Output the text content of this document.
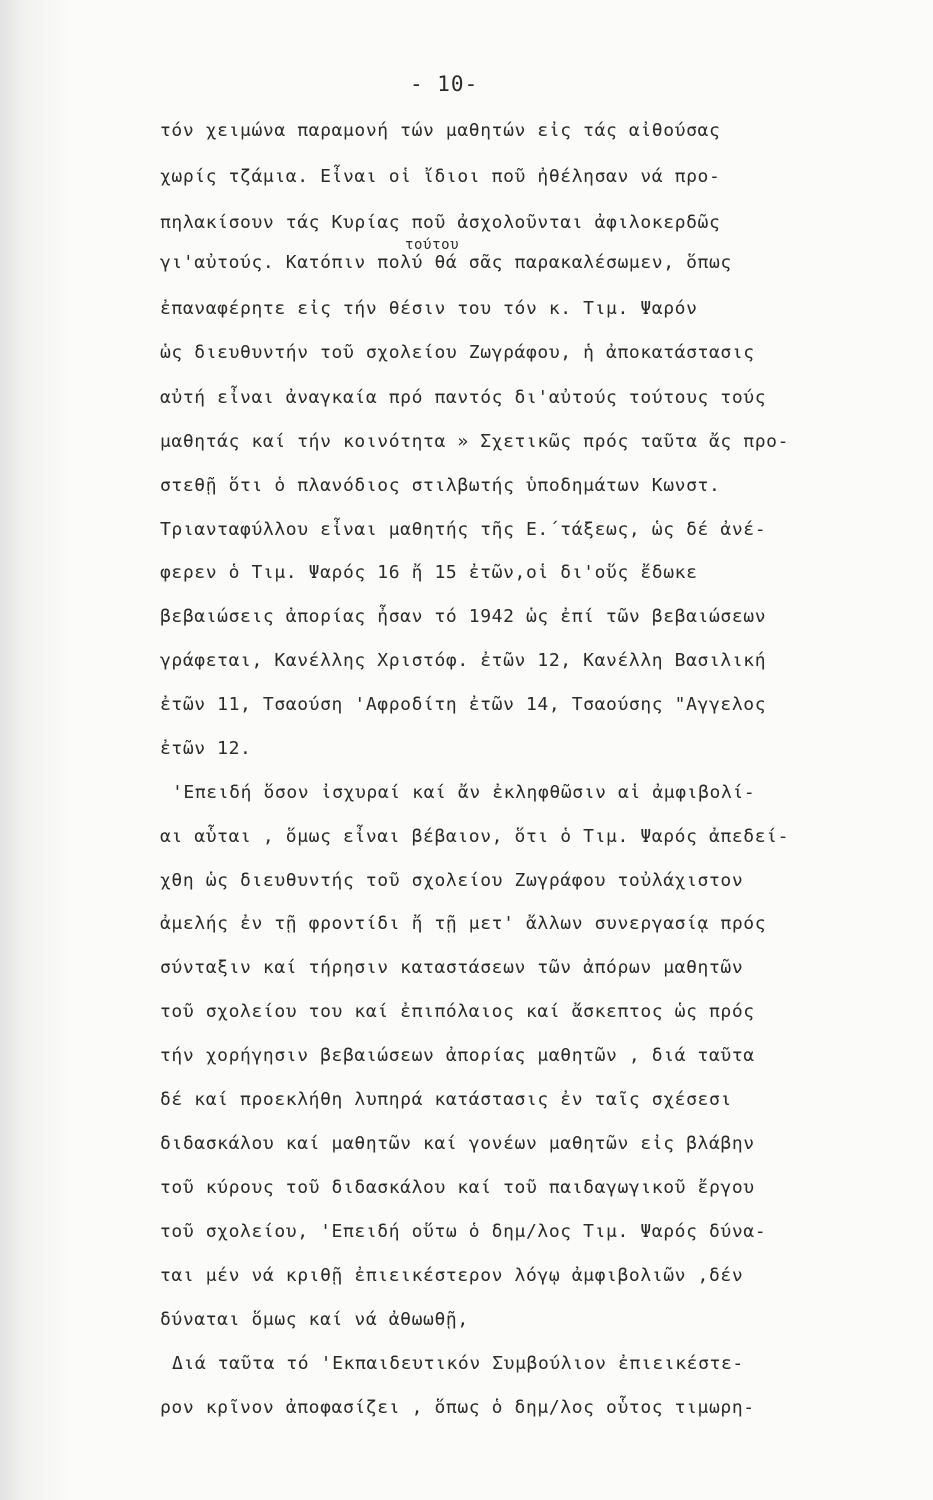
- 10-
τόν χειμώνα παραμονή τών μαθητών εἰς τάς αἰθούσας
χωρίς τζάμια. Εἶναι οἱ ἴδιοι ποῦ ἠθέλησαν νά προ-
πηλακίσουν τάς Κυρίας ποῦ ἀσχολοῦνται ἀφιλοκερδῶς
τούτου
γι'αὐτούς. Κατόπιν πολύ θά σᾶς παρακαλέσωμεν, ὅπως
ἐπαναφέρητε εἰς τήν θέσιν του τόν κ. Τιμ. Ψαρόν
ὡς διευθυντήν τοῦ σχολείου Ζωγράφου, ἡ ἀποκατάστασις
αὐτή εἶναι ἀναγκαία πρό παντός δι'αὐτούς τούτους τούς
μαθητάς καί τήν κοινότητα » Σχετικῶς πρός ταῦτα ἄς προ-
στεθῇ ὅτι ὁ πλανόδιος στιλβωτής ὑποδημάτων Κωνστ.
Τριανταφύλλου εἶναι μαθητής τῆς Ε.΄τάξεως, ὡς δέ ἀνέ-
φερεν ὁ Τιμ. Ψαρός 16 ἤ 15 ἐτῶν,οἱ δι'οὕς ἔδωκε
βεβαιώσεις ἀπορίας ἦσαν τό 1942 ὡς ἐπί τῶν βεβαιώσεων
γράφεται, Κανέλλης Χριστόφ. ἐτῶν 12, Κανέλλη Βασιλική
ἐτῶν 11, Τσαούση 'Αφροδίτη ἐτῶν 14, Τσαούσης "Αγγελος
ἐτῶν 12.
'Επειδή ὅσον ἰσχυραί καί ἄν ἐκληφθῶσιν αἱ ἀμφιβολί-
αι αὗται , ὅμως εἶναι βέβαιον, ὅτι ὁ Τιμ. Ψαρός ἀπεδεί-
χθη ὡς διευθυντής τοῦ σχολείου Ζωγράφου τοὐλάχιστον
ἀμελής ἐν τῇ φροντίδι ἤ τῇ μετ' ἄλλων συνεργασίᾳ πρός
σύνταξιν καί τήρησιν καταστάσεων τῶν ἀπόρων μαθητῶν
τοῦ σχολείου του καί ἐπιπόλαιος καί ἄσκεπτος ὡς πρός
τήν χορήγησιν βεβαιώσεων ἀπορίας μαθητῶν , διά ταῦτα
δέ καί προεκλήθη λυπηρά κατάστασις ἐν ταῖς σχέσεσι
διδασκάλου καί μαθητῶν καί γονέων μαθητῶν εἰς βλάβην
τοῦ κύρους τοῦ διδασκάλου καί τοῦ παιδαγωγικοῦ ἔργου
τοῦ σχολείου, 'Επειδή οὕτω ὁ δημ/λος Τιμ. Ψαρός δύνα-
ται μέν νά κριθῇ ἐπιεικέστερον λόγῳ ἀμφιβολιῶν ,δέν
δύναται ὅμως καί νά ἀθωωθῇ,
Διά ταῦτα τό 'Εκπαιδευτικόν Συμβούλιον ἐπιεικέστε-
ρον κρῖνον ἀποφασίζει , ὅπως ὁ δημ/λος οὗτος τιμωρη-
